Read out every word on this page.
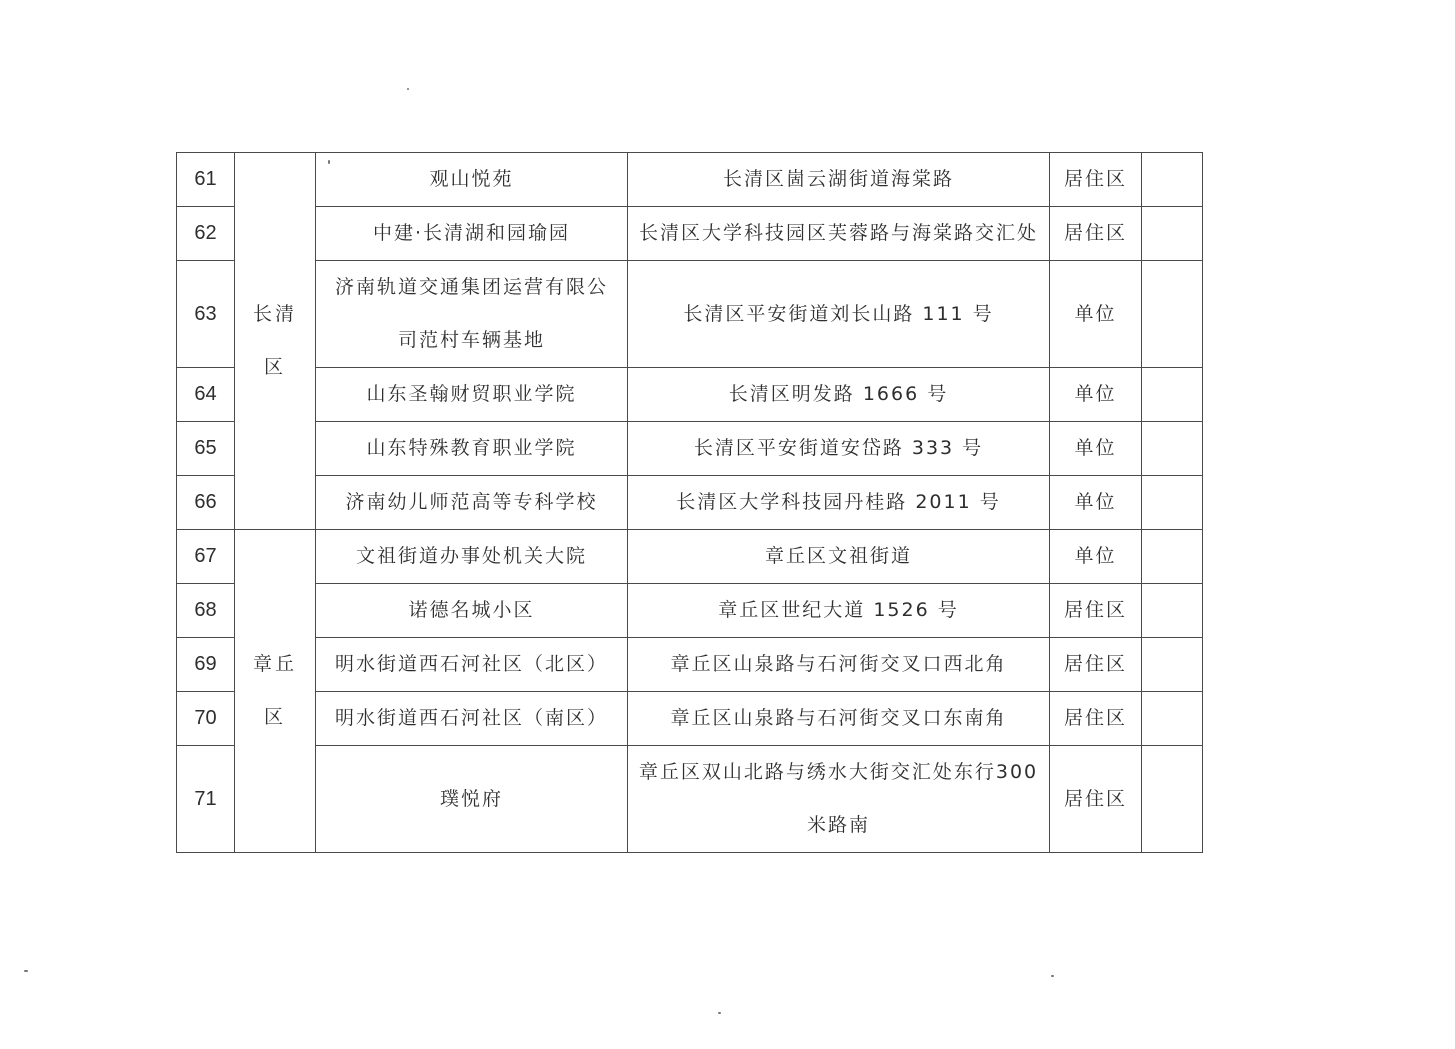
61	长清区	观山悦苑	长清区崮云湖街道海棠路	居住区	
62		中建·长清湖和园瑜园	长清区大学科技园区芙蓉路与海棠路交汇处	居住区	
63		济南轨道交通集团运营有限公司范村车辆基地	长清区平安街道刘长山路 111 号	单位	
64		山东圣翰财贸职业学院	长清区明发路 1666 号	单位	
65		山东特殊教育职业学院	长清区平安街道安岱路 333 号	单位	
66		济南幼儿师范高等专科学校	长清区大学科技园丹桂路 2011 号	单位	
67	章丘区	文祖街道办事处机关大院	章丘区文祖街道	单位	
68		诺德名城小区	章丘区世纪大道 1526 号	居住区	
69		明水街道西石河社区（北区）	章丘区山泉路与石河街交叉口西北角	居住区	
70		明水街道西石河社区（南区）	章丘区山泉路与石河街交叉口东南角	居住区	
71		璞悦府	章丘区双山北路与绣水大街交汇处东行300米路南	居住区	
